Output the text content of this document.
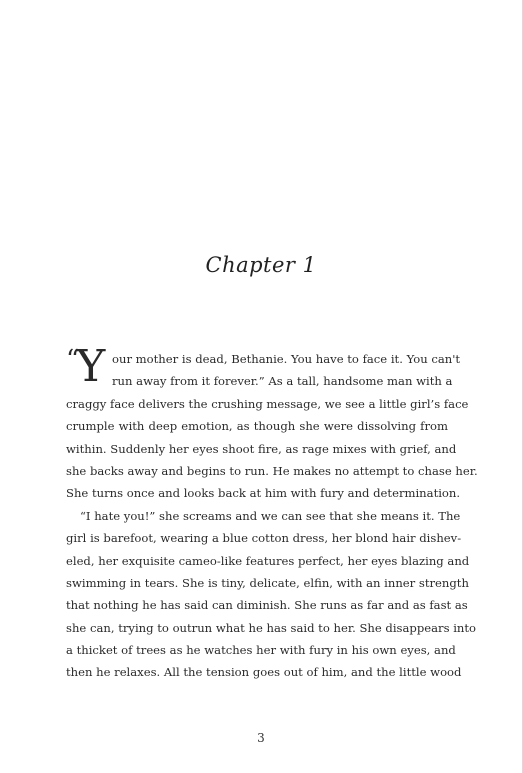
Chapter 1
“Y our mother is dead, Bethanie. You have to face it. You can't
run away from it forever.” As a tall, handsome man with a
craggy face delivers the crushing message, we see a little girl’s face
crumple with deep emotion, as though she were dissolving from
within. Suddenly her eyes shoot fire, as rage mixes with grief, and
she backs away and begins to run. He makes no attempt to chase her.
She turns once and looks back at him with fury and determination.
“I hate you!” she screams and we can see that she means it. The
girl is barefoot, wearing a blue cotton dress, her blond hair dishev-
eled, her exquisite cameo-like features perfect, her eyes blazing and
swimming in tears. She is tiny, delicate, elfin, with an inner strength
that nothing he has said can diminish. She runs as far and as fast as
she can, trying to outrun what he has said to her. She disappears into
a thicket of trees as he watches her with fury in his own eyes, and
then he relaxes. All the tension goes out of him, and the little wood
3
